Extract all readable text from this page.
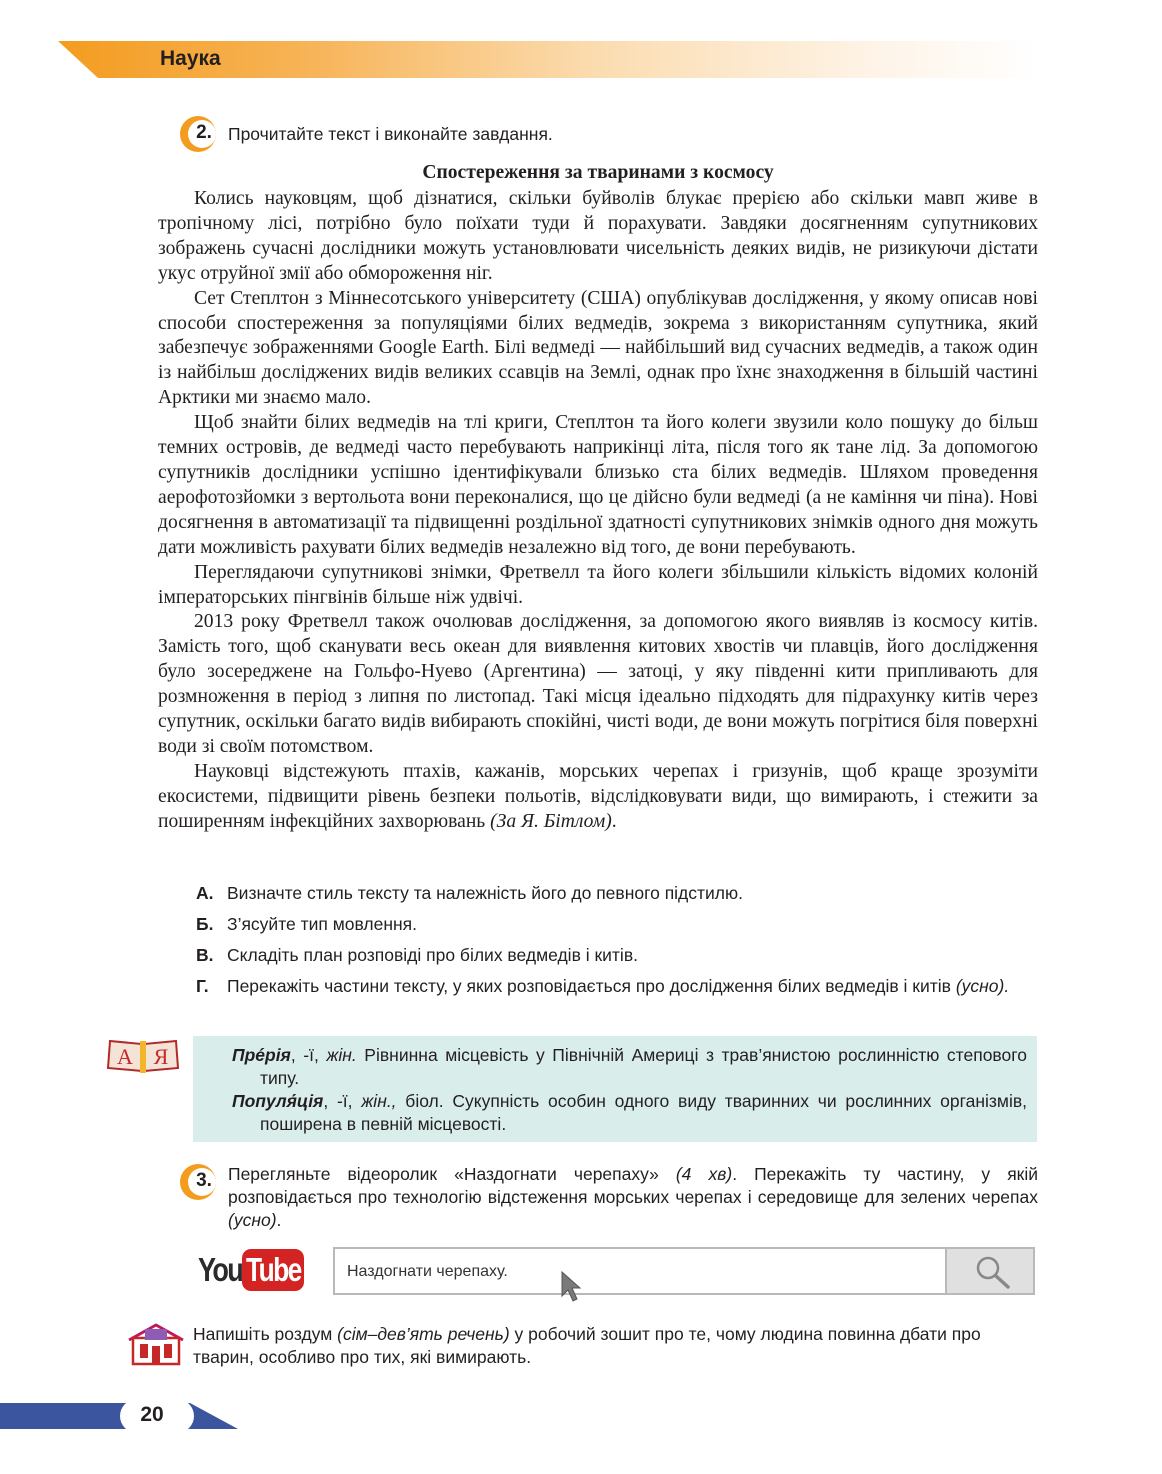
Наука
2. Прочитайте текст і виконайте завдання.
Спостереження за тваринами з космосу

Колись науковцям, щоб дізнатися, скільки буйволів блукає прерією або скільки мавп живе в тропічному лісі, потрібно було поїхати туди й порахувати. Завдяки досягненням супутникових зображень сучасні дослідники можуть установлювати чисельність деяких видів, не ризикуючи дістати укус отруйної змії або обмороження ніг.

Сет Степлтон з Міннесотського університету (США) опублікував дослідження, у якому описав нові способи спостереження за популяціями білих ведмедів, зокрема з використанням супутника, який забезпечує зображеннями Google Earth. Білі ведмеді — найбільший вид сучасних ведмедів, а також один із найбільш досліджених видів великих ссавців на Землі, однак про їхнє знаходження в більшій частині Арктики ми знаємо мало.

Щоб знайти білих ведмедів на тлі криги, Степлтон та його колеги звузили коло пошуку до більш темних островів, де ведмеді часто перебувають наприкінці літа, після того як тане лід. За допомогою супутників дослідники успішно ідентифікували близько ста білих ведмедів. Шляхом проведення аерофотозйомки з вертольота вони переконалися, що це дійсно були ведмеді (а не каміння чи піна). Нові досягнення в автоматизації та підвищенні роздільної здатності супутникових знімків одного дня можуть дати можливість рахувати білих ведмедів незалежно від того, де вони перебувають.

Переглядаючи супутникові знімки, Фретвелл та його колеги збільшили кількість відомих колоній імператорських пінгвінів більше ніж удвічі.

2013 року Фретвелл також очолював дослідження, за допомогою якого виявляв із космосу китів. Замість того, щоб сканувати весь океан для виявлення китових хвостів чи плавців, його дослідження було зосереджене на Гольфо-Нуево (Аргентина) — затоці, у яку південні кити припливають для розмноження в період з липня по листопад. Такі місця ідеально підходять для підрахунку китів через супутник, оскільки багато видів вибирають спокійні, чисті води, де вони можуть погрітися біля поверхні води зі своїм потомством.

Науковці відстежують птахів, кажанів, морських черепах і гризунів, щоб краще зрозуміти екосистеми, підвищити рівень безпеки польотів, відслідковувати види, що вимирають, і стежити за поширенням інфекційних захворювань (За Я. Бітлом).

А. Визначте стиль тексту та належність його до певного підстилю.
Б. З’ясуйте тип мовлення.
В. Складіть план розповіді про білих ведмедів і китів.
Г.	Перекажіть частини тексту, у яких розповідається про дослідження білих ведмедів і китів (усно).
А Я	Прéрія, -ї, жін. Рівнинна місцевість у Північній Америці з трав’янистою рослинністю степового типу.
Популя́ція, -ї, жін., біол. Сукупність особин одного виду тваринних чи рослинних організмів, поширена в певній місцевості.
3. Перегляньте відеоролик «Наздогнати черепаху» (4 хв). Перекажіть ту частину, у якій розповідається про технологію відстеження морських черепах і середовище для зелених черепах (усно).
You Tube	Наздогнати черепаху.
Напишіть роздум (сім–дев’ять речень) у робочий зошит про те, чому людина повинна дбати про тварин, особливо про тих, які вимирають.
20
